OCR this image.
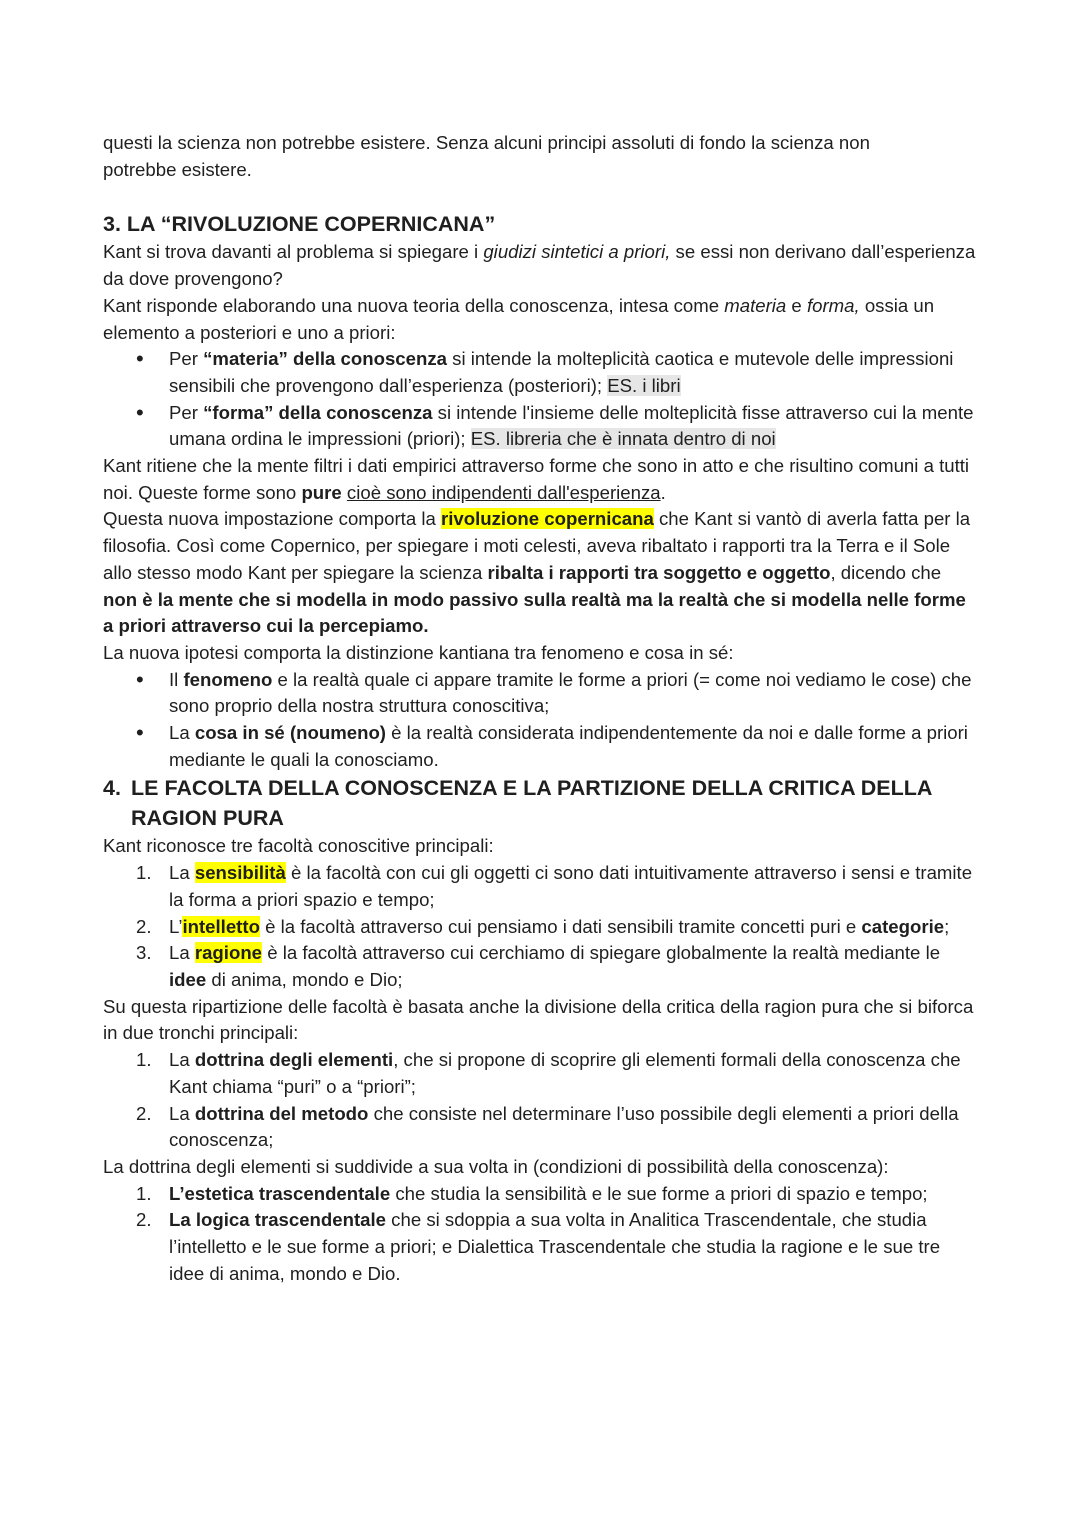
questi la scienza non potrebbe esistere. Senza alcuni principi assoluti di fondo la scienza non
potrebbe esistere.

3. LA “RIVOLUZIONE COPERNICANA”

Kant si trova davanti al problema si spiegare i giudizi sintetici a priori, se essi non derivano dall’esperienza da dove provengono?

Kant risponde elaborando una nuova teoria della conoscenza, intesa come materia e forma, ossia un elemento a posteriori e uno a priori:

• Per “materia” della conoscenza si intende la molteplicità caotica e mutevole delle impressioni sensibili che provengono dall’esperienza (posteriori); ES. i libri
• Per “forma” della conoscenza si intende l'insieme delle molteplicità fisse attraverso cui la mente umana ordina le impressioni (priori); ES. libreria che è innata dentro di noi

Kant ritiene che la mente filtri i dati empirici attraverso forme che sono in atto e che risultino comuni a tutti noi. Queste forme sono pure cioè sono indipendenti dall'esperienza.

Questa nuova impostazione comporta la rivoluzione copernicana che Kant si vantò di averla fatta per la filosofia. Così come Copernico, per spiegare i moti celesti, aveva ribaltato i rapporti tra la Terra e il Sole allo stesso modo Kant per spiegare la scienza ribalta i rapporti tra soggetto e oggetto, dicendo che non è la mente che si modella in modo passivo sulla realtà ma la realtà che si modella nelle forme a priori attraverso cui la percepiamo.

La nuova ipotesi comporta la distinzione kantiana tra fenomeno e cosa in sé:

• Il fenomeno e la realtà quale ci appare tramite le forme a priori (= come noi vediamo le cose) che sono proprio della nostra struttura conoscitiva;
• La cosa in sé (noumeno) è la realtà considerata indipendentemente da noi e dalle forme a priori mediante le quali la conosciamo.
4. LE FACOLTA DELLA CONOSCENZA E LA PARTIZIONE DELLA CRITICA DELLA RAGION PURA

Kant riconosce tre facoltà conoscitive principali:

1. La sensibilità è la facoltà con cui gli oggetti ci sono dati intuitivamente attraverso i sensi e tramite la forma a priori spazio e tempo;
2. L’intelletto è la facoltà attraverso cui pensiamo i dati sensibili tramite concetti puri e categorie;
3. La ragione è la facoltà attraverso cui cerchiamo di spiegare globalmente la realtà mediante le idee di anima, mondo e Dio;

Su questa ripartizione delle facoltà è basata anche la divisione della critica della ragion pura che si biforca in due tronchi principali:

1. La dottrina degli elementi, che si propone di scoprire gli elementi formali della conoscenza che Kant chiama “puri” o a “priori”;
2. La dottrina del metodo che consiste nel determinare l’uso possibile degli elementi a priori della conoscenza;

La dottrina degli elementi si suddivide a sua volta in (condizioni di possibilità della conoscenza):

1. L’estetica trascendentale che studia la sensibilità e le sue forme a priori di spazio e tempo;
2. La logica trascendentale che si sdoppia a sua volta in Analitica Trascendentale, che studia l’intelletto e le sue forme a priori; e Dialettica Trascendentale che studia la ragione e le sue tre idee di anima, mondo e Dio.
